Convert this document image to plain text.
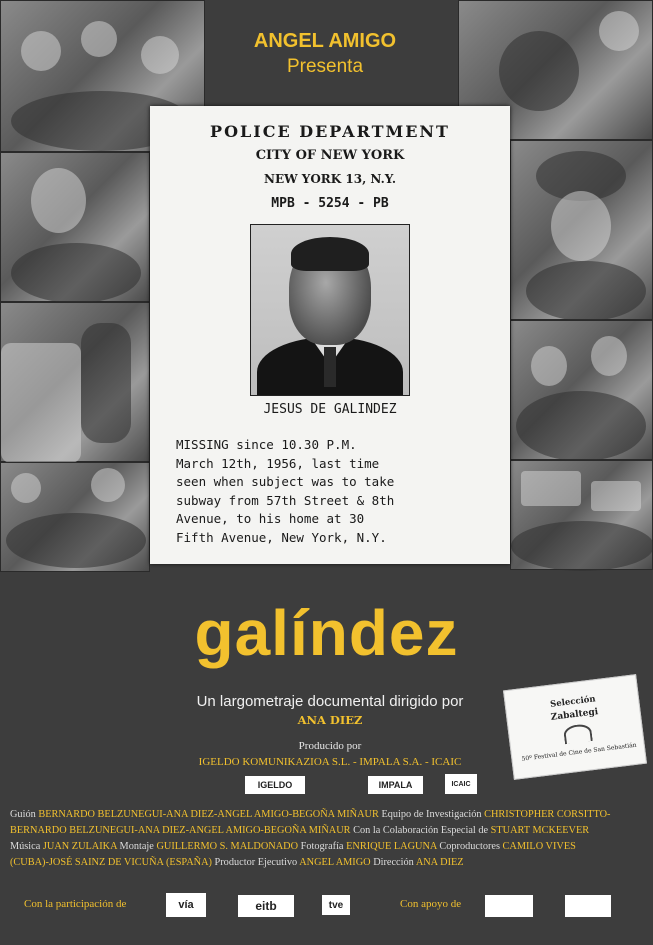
ANGEL AMIGO
Presenta
POLICE DEPARTMENT
CITY OF NEW YORK
NEW YORK 13, N.Y.
MPB - 5254 - PB
JESUS DE GALINDEZ
MISSING since 10.30 P.M.
March 12th, 1956, last time
seen when subject was to take
subway from 57th Street & 8th
Avenue, to his home at 30
Fifth Avenue, New York, N.Y.
galíndez
Un largometraje documental dirigido por
ANA DIEZ
Producido por
IGELDO KOMUNIKAZIOA S.L. - IMPALA S.A. - ICAIC
Selección
Zabaltegi
50º Festival de Cine de San Sebastián
IGELDO	IMPALA	ICAIC
Guión BERNARDO BELZUNEGUI-ANA DIEZ-ANGEL AMIGO-BEGOÑA MIÑAUR Equipo de Investigación CHRISTOPHER CORSITTO-
BERNARDO BELZUNEGUI-ANA DIEZ-ANGEL AMIGO-BEGOÑA MIÑAUR Con la Colaboración Especial de STUART MCKEEVER
Música JUAN ZULAIKA Montaje GUILLERMO S. MALDONADO Fotografía ENRIQUE LAGUNA Coproductores CAMILO VIVES
(CUBA)-JOSÉ SAINZ DE VICUÑA (ESPAÑA) Productor Ejecutivo ANGEL AMIGO Dirección ANA DIEZ
Con la participación de	vía	eitb	tve	Con apoyo de
